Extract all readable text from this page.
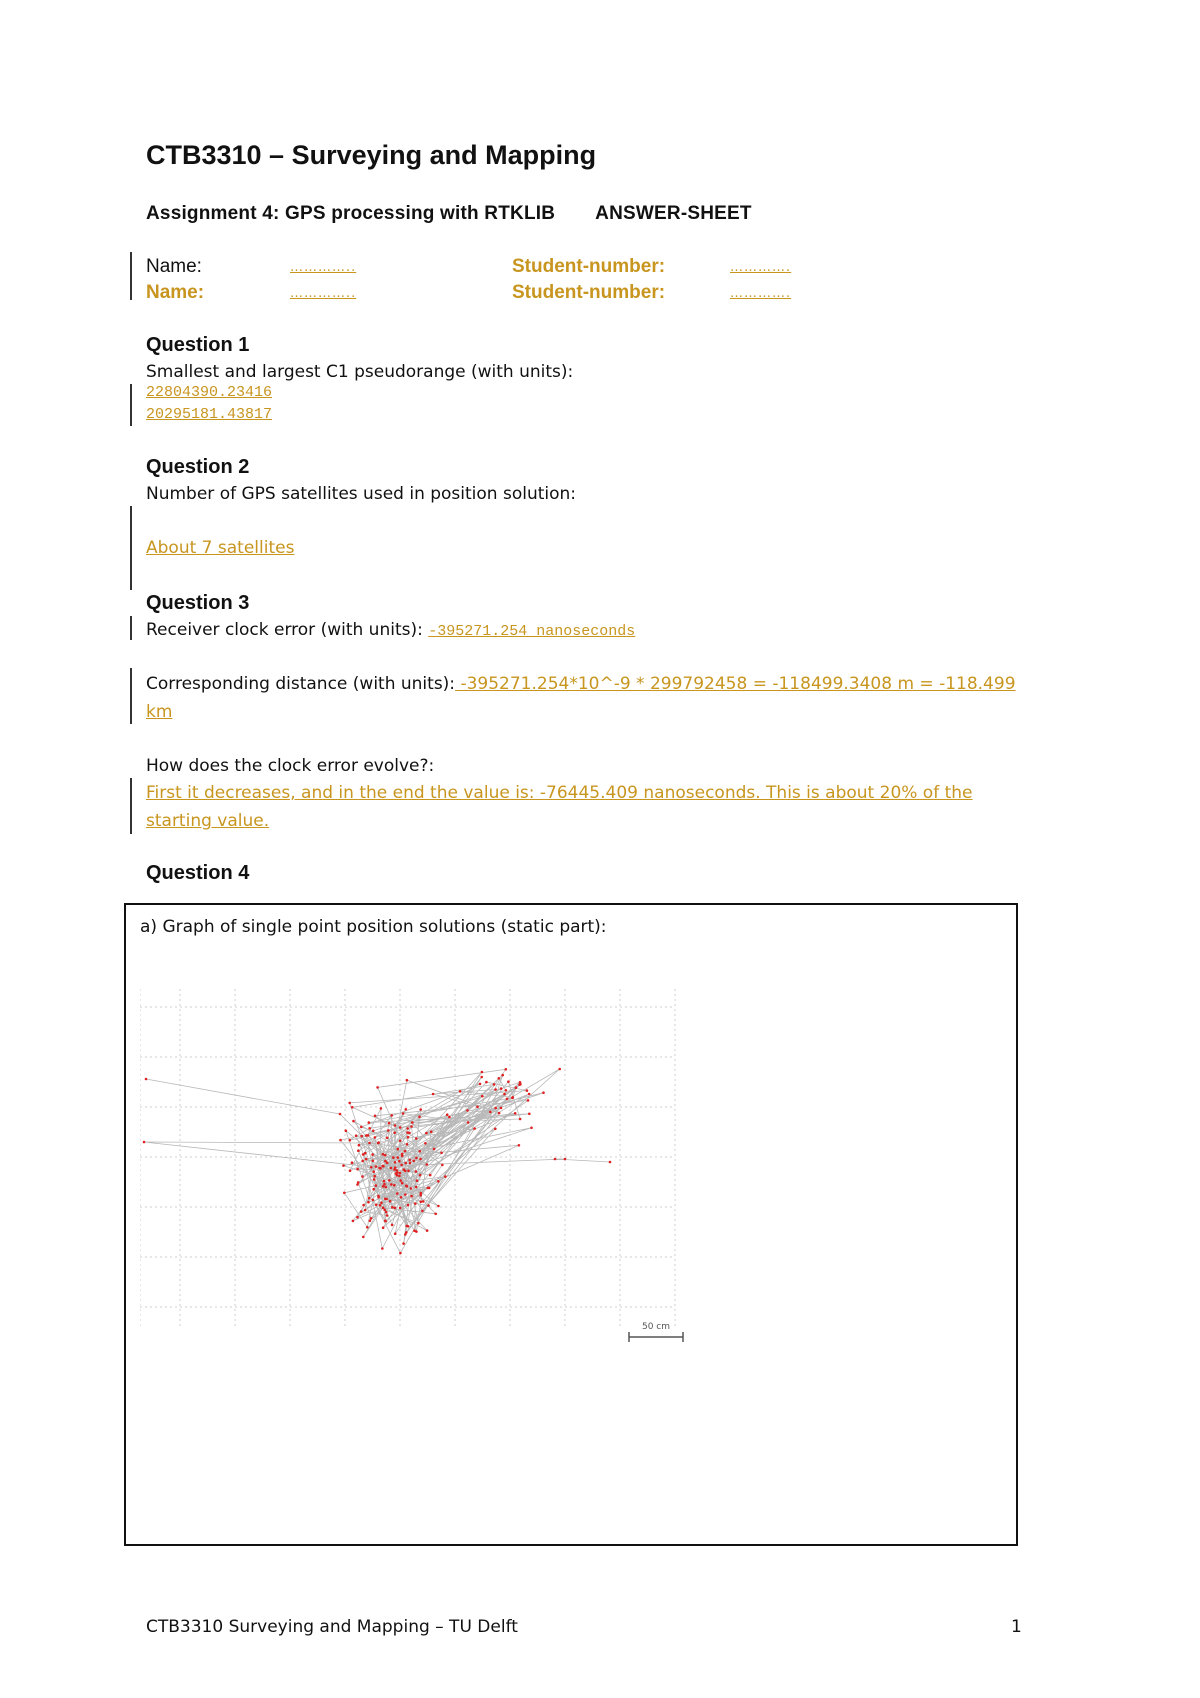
CTB3310 – Surveying and Mapping
Assignment 4: GPS processing with RTKLIB ANSWER-SHEET
Name:	…………..	Student-number:	………….
Name:	…………..	Student-number:	………….
Question 1
Smallest and largest C1 pseudorange (with units):
22804390.23416
20295181.43817
Question 2
Number of GPS satellites used in position solution:
About 7 satellites
Question 3
Receiver clock error (with units): -395271.254 nanoseconds
Corresponding distance (with units): -395271.254*10^-9 * 299792458 = -118499.3408 m = -118.499
km
How does the clock error evolve?:
First it decreases, and in the end the value is: -76445.409 nanoseconds. This is about 20% of the
starting value.
Question 4
a) Graph of single point position solutions (static part):
50 cm
CTB3310 Surveying and Mapping – TU Delft	1
